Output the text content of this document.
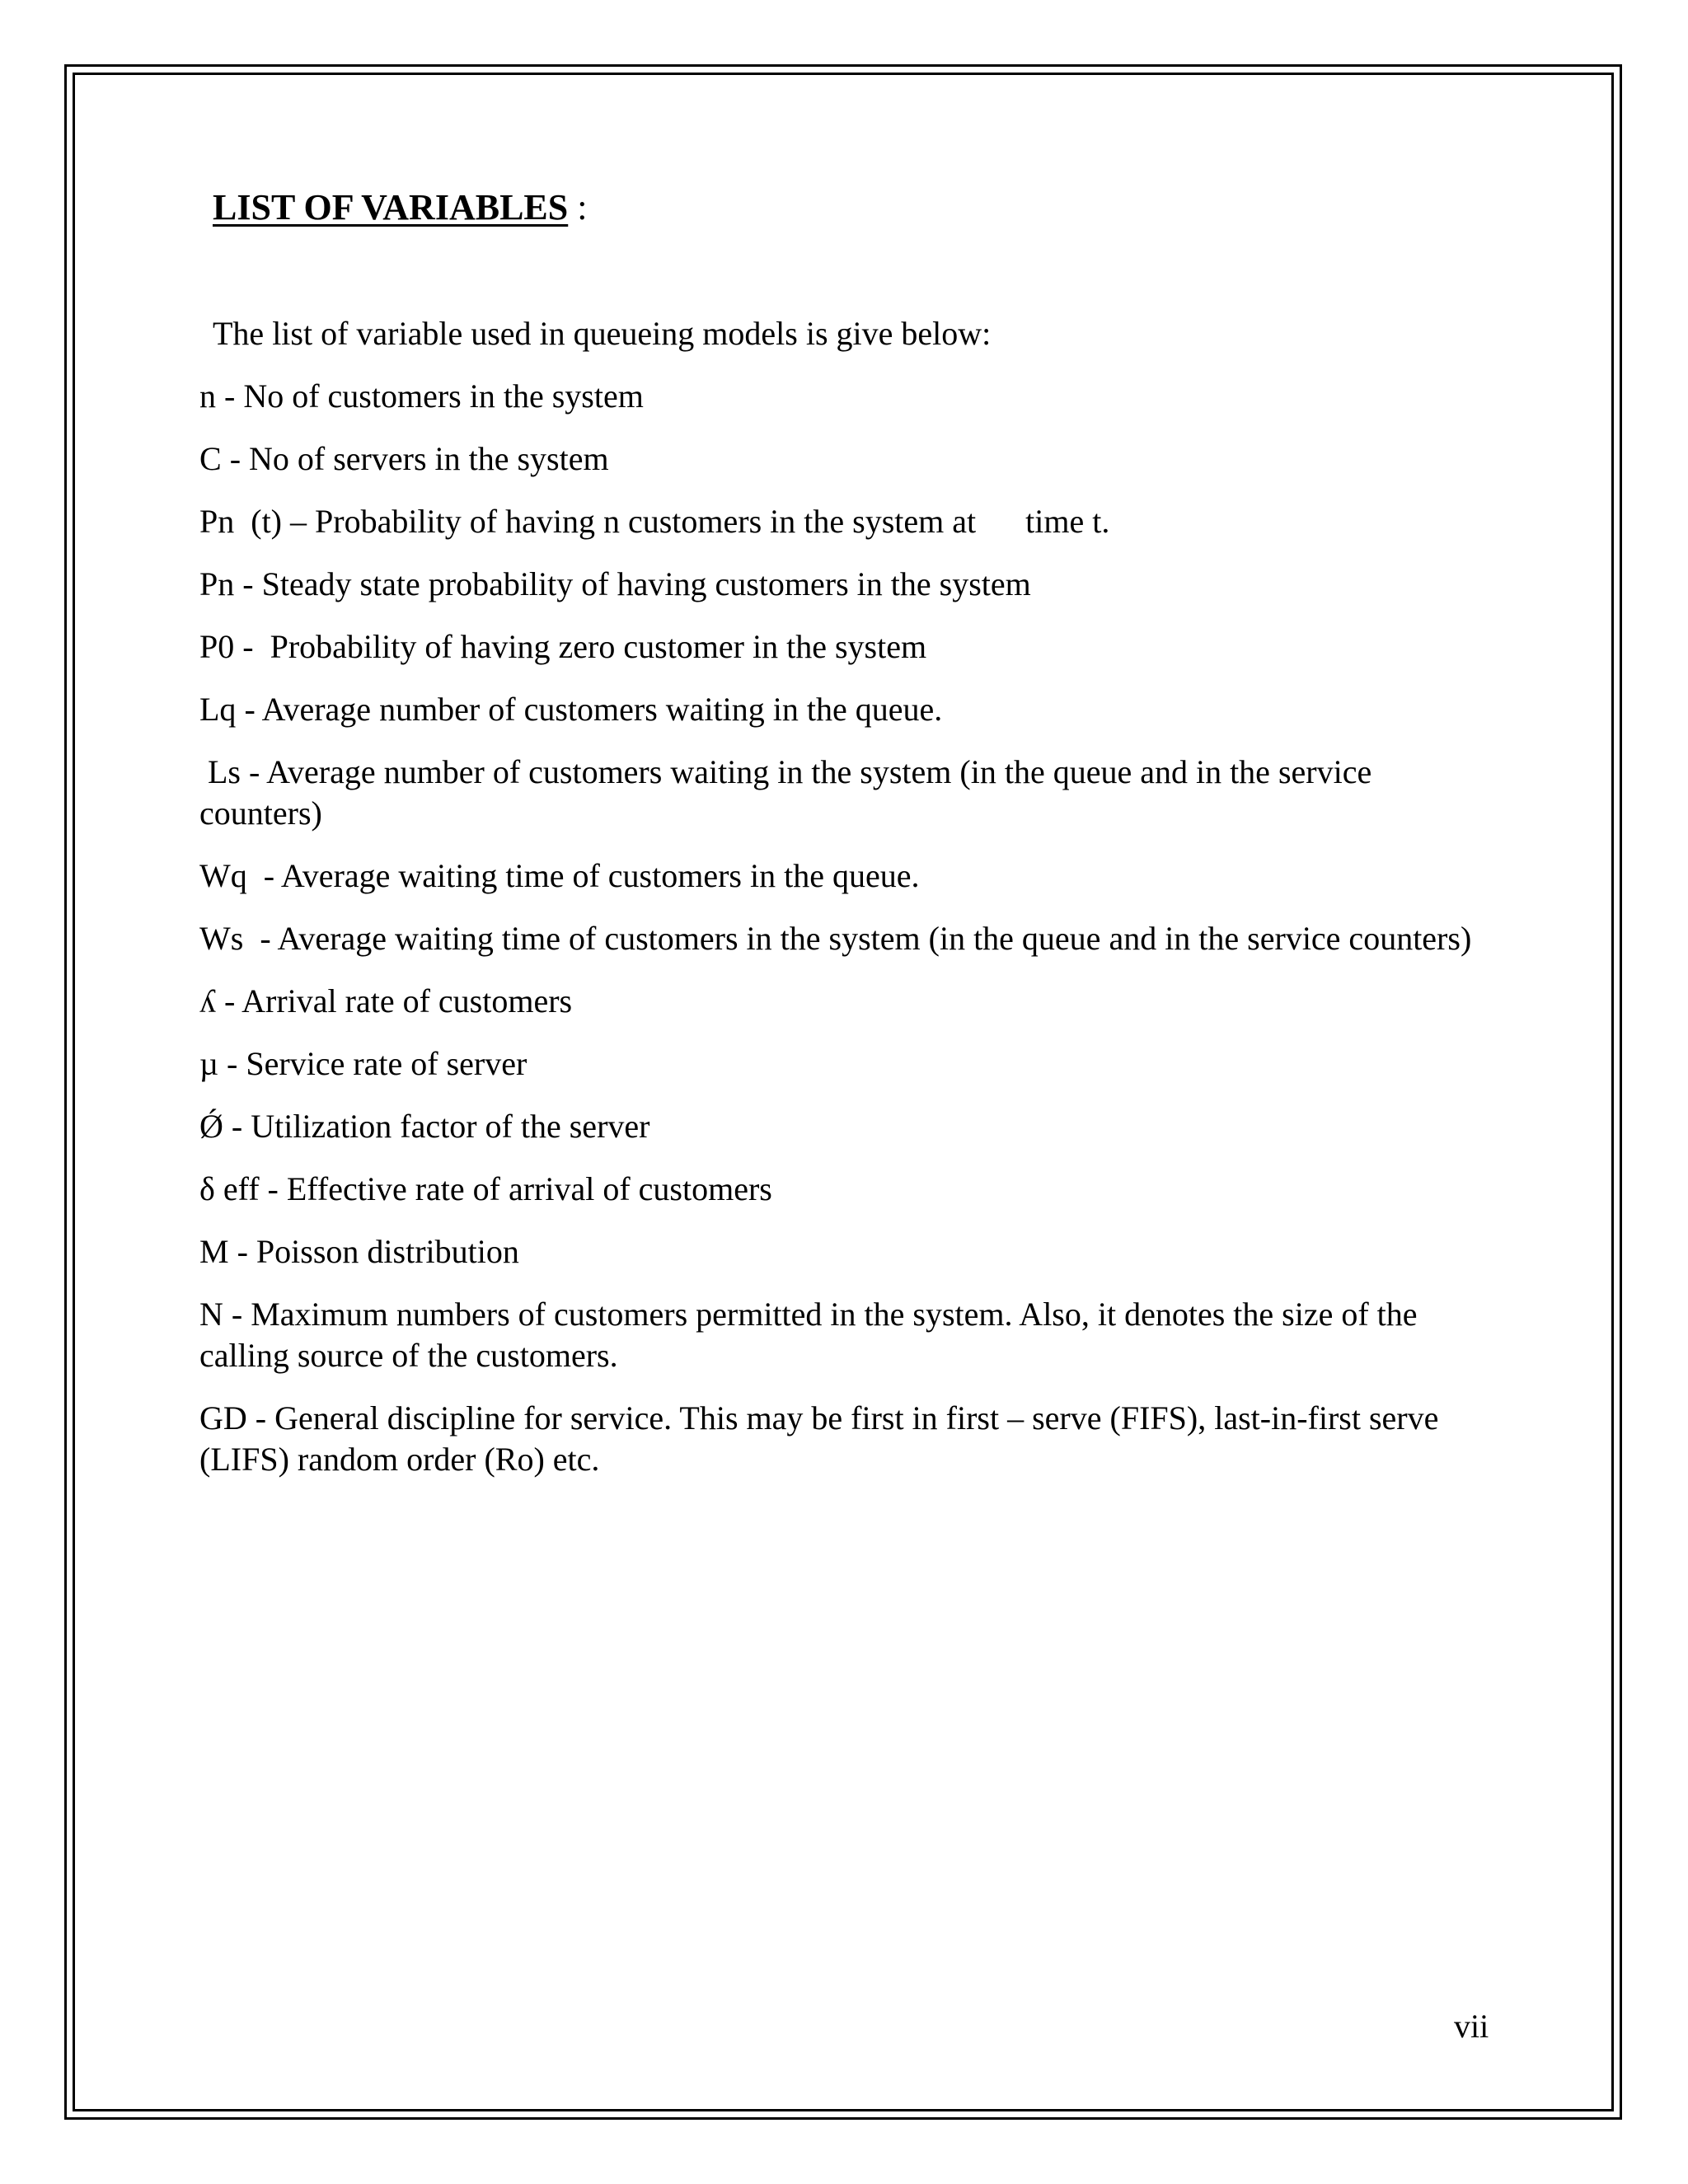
LIST OF VARIABLES :

The list of variable used in queueing models is give below:

n - No of customers in the system
C - No of servers in the system
Pn (t) – Probability of having n customers in the system at      time t.
Pn - Steady state probability of having customers in the system
P0 -  Probability of having zero customer in the system
Lq - Average number of customers waiting in the queue.
Ls - Average number of customers waiting in the system (in the queue and in the service counters)
Wq  - Average waiting time of customers in the queue.
Ws  - Average waiting time of customers in the system (in the queue and in the service counters)
ʎ - Arrival rate of customers
µ - Service rate of server
Ǿ - Utilization factor of the server
δ eff - Effective rate of arrival of customers
M - Poisson distribution
N - Maximum numbers of customers permitted in the system. Also, it denotes the size of the calling source of the customers.
GD - General discipline for service. This may be first in first – serve (FIFS), last-in-first serve (LIFS) random order (Ro) etc.

vii
